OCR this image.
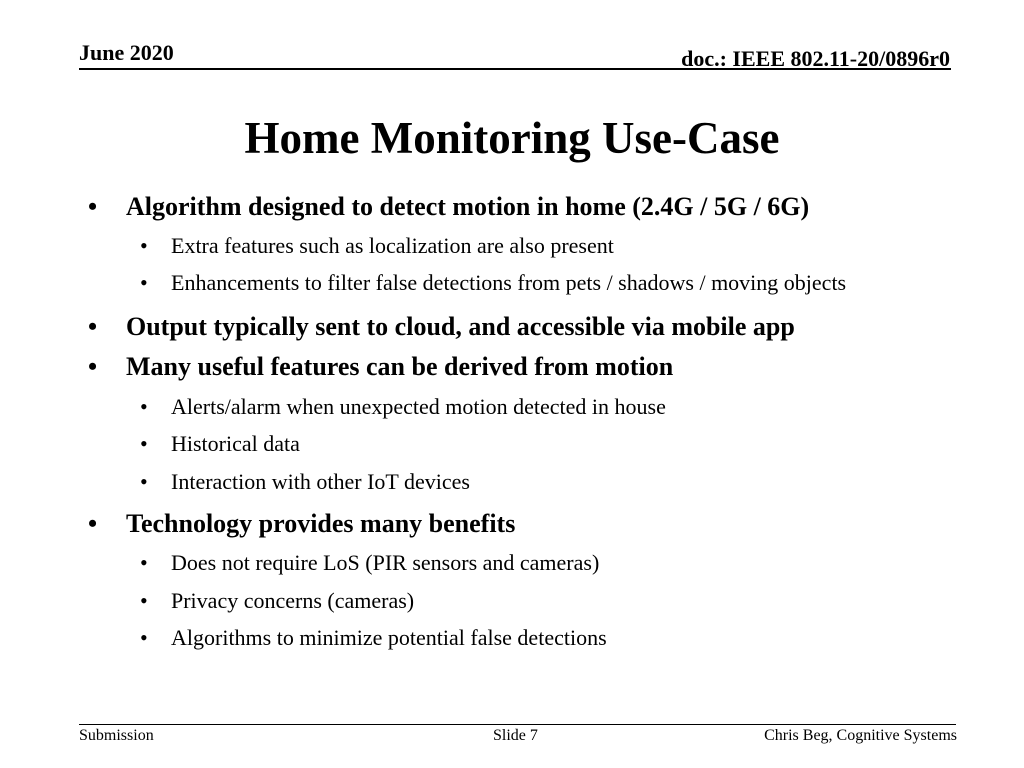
June 2020	doc.: IEEE 802.11-20/0896r0
Home Monitoring Use-Case
• Algorithm designed to detect motion in home (2.4G / 5G / 6G)
• Extra features such as localization are also present
• Enhancements to filter false detections from pets / shadows / moving objects
• Output typically sent to cloud, and accessible via mobile app
• Many useful features can be derived from motion
• Alerts/alarm when unexpected motion detected in house
• Historical data
• Interaction with other IoT devices
• Technology provides many benefits
• Does not require LoS (PIR sensors and cameras)
• Privacy concerns (cameras)
• Algorithms to minimize potential false detections
Submission	Slide 7	Chris Beg, Cognitive Systems
